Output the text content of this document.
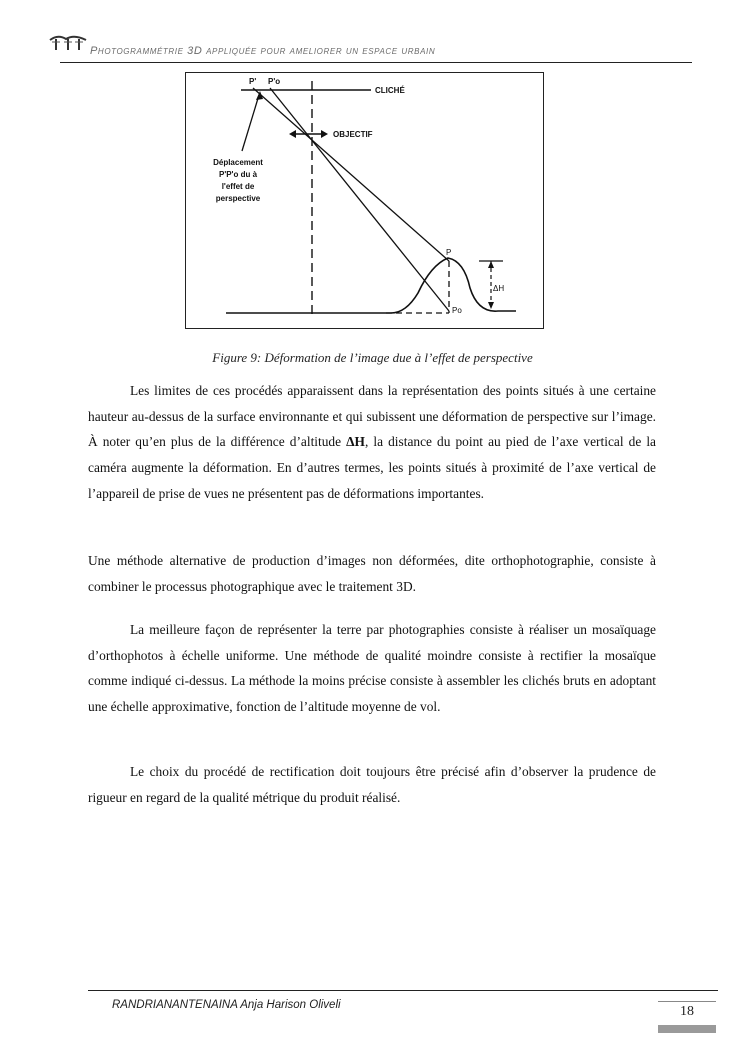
Photogrammétrie 3D appliquée pour ameliorer un espace urbain
P' P'o
CLICHÉ
OBJECTIF
Déplacement
P'P'o du à
l'effet de
perspective
P
Po
ΔH
Figure 9: Déformation de l’image due à l’effet de perspective

Les limites de ces procédés apparaissent dans la représentation des points situés à une certaine hauteur au-dessus de la surface environnante et qui subissent une déformation de perspective sur l’image. À noter qu’en plus de la différence d’altitude ΔH, la distance du point au pied de l’axe vertical de la caméra augmente la déformation. En d’autres termes, les points situés à proximité de l’axe vertical de l’appareil de prise de vues ne présentent pas de déformations importantes.

Une méthode alternative de production d’images non déformées, dite orthophotographie, consiste à combiner le processus photographique avec le traitement 3D.

La meilleure façon de représenter la terre par photographies consiste à réaliser un mosaïquage d’orthophotos à échelle uniforme. Une méthode de qualité moindre consiste à rectifier la mosaïque comme indiqué ci-dessus. La méthode la moins précise consiste à assembler les clichés bruts en adoptant une échelle approximative, fonction de l’altitude moyenne de vol.

Le choix du procédé de rectification doit toujours être précisé afin d’observer la prudence de rigueur en regard de la qualité métrique du produit réalisé.

RANDRIANANTENAINA Anja Harison Oliveli	18
